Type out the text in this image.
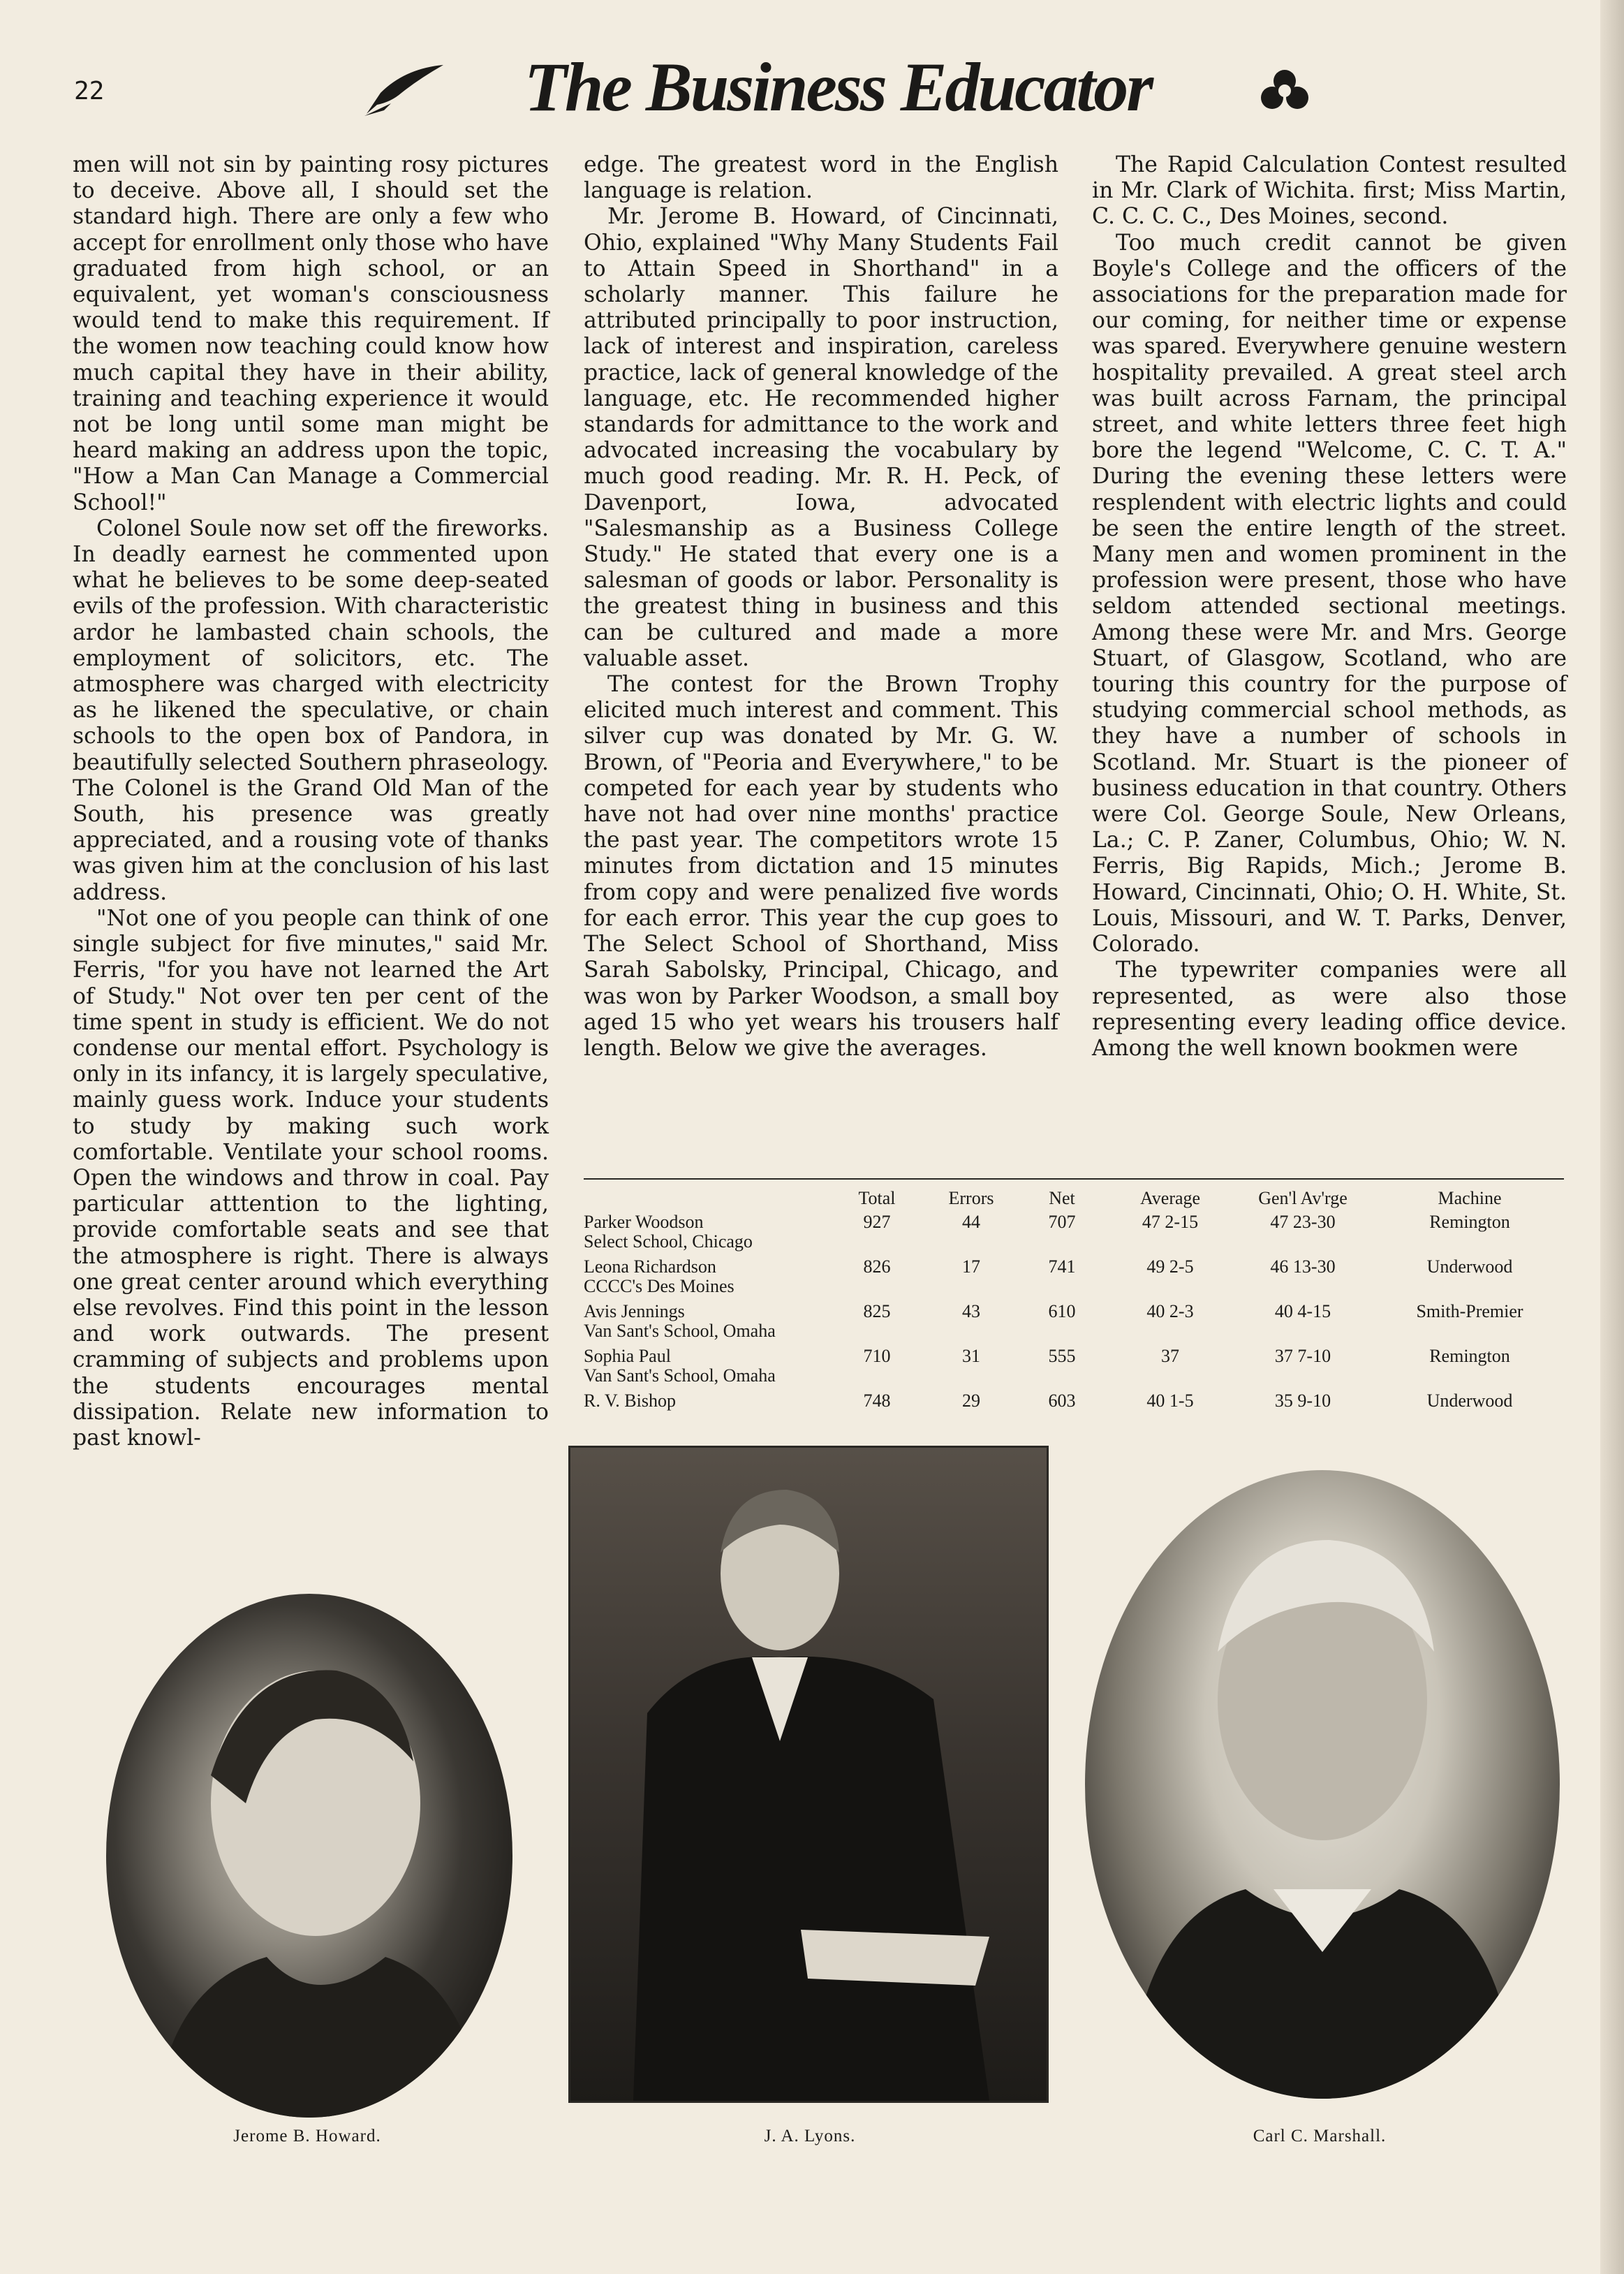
22	The Business Educator

men will not sin by painting rosy pictures to deceive. Above all, I should set the standard high. There are only a few who accept for enrollment only those who have graduated from high school, or an equivalent, yet woman's consciousness would tend to make this requirement. If the women now teaching could know how much capital they have in their ability, training and teaching experience it would not be long until some man might be heard making an address upon the topic, "How a Man Can Manage a Commercial School!"

Colonel Soule now set off the fireworks. In deadly earnest he commented upon what he believes to be some deep-seated evils of the profession. With characteristic ardor he lambasted chain schools, the employment of solicitors, etc. The atmosphere was charged with electricity as he likened the speculative, or chain schools to the open box of Pandora, in beautifully selected Southern phraseology. The Colonel is the Grand Old Man of the South, his presence was greatly appreciated, and a rousing vote of thanks was given him at the conclusion of his last address.

"Not one of you people can think of one single subject for five minutes," said Mr. Ferris, "for you have not learned the Art of Study." Not over ten per cent of the time spent in study is efficient. We do not condense our mental effort. Psychology is only in its infancy, it is largely speculative, mainly guess work. Induce your students to study by making such work comfortable. Ventilate your school rooms. Open the windows and throw in coal. Pay particular atttention to the lighting, provide comfortable seats and see that the atmosphere is right. There is always one great center around which everything else revolves. Find this point in the lesson and work outwards. The present cramming of subjects and problems upon the students encourages mental dissipation. Relate new information to past knowl-

edge. The greatest word in the English language is relation.

Mr. Jerome B. Howard, of Cincinnati, Ohio, explained "Why Many Students Fail to Attain Speed in Shorthand" in a scholarly manner. This failure he attributed principally to poor instruction, lack of interest and inspiration, careless practice, lack of general knowledge of the language, etc. He recommended higher standards for admittance to the work and advocated increasing the vocabulary by much good reading. Mr. R. H. Peck, of Davenport, Iowa, advocated "Salesmanship as a Business College Study." He stated that every one is a salesman of goods or labor. Personality is the greatest thing in business and this can be cultured and made a more valuable asset.

The contest for the Brown Trophy elicited much interest and comment. This silver cup was donated by Mr. G. W. Brown, of "Peoria and Everywhere," to be competed for each year by students who have not had over nine months' practice the past year. The competitors wrote 15 minutes from dictation and 15 minutes from copy and were penalized five words for each error. This year the cup goes to The Select School of Shorthand, Miss Sarah Sabolsky, Principal, Chicago, and was won by Parker Woodson, a small boy aged 15 who yet wears his trousers half length. Below we give the averages.

The Rapid Calculation Contest resulted in Mr. Clark of Wichita. first; Miss Martin, C. C. C. C., Des Moines, second.

Too much credit cannot be given Boyle's College and the officers of the associations for the preparation made for our coming, for neither time or expense was spared. Everywhere genuine western hospitality prevailed. A great steel arch was built across Farnam, the principal street, and white letters three feet high bore the legend "Welcome, C. C. T. A." During the evening these letters were resplendent with electric lights and could be seen the entire length of the street. Many men and women prominent in the profession were present, those who have seldom attended sectional meetings. Among these were Mr. and Mrs. George Stuart, of Glasgow, Scotland, who are touring this country for the purpose of studying commercial school methods, as they have a number of schools in Scotland. Mr. Stuart is the pioneer of business education in that country. Others were Col. George Soule, New Orleans, La.; C. P. Zaner, Columbus, Ohio; W. N. Ferris, Big Rapids, Mich.; Jerome B. Howard, Cincinnati, Ohio; O. H. White, St. Louis, Missouri, and W. T. Parks, Denver, Colorado.

The typewriter companies were all represented, as were also those representing every leading office device. Among the well known bookmen were

	Total	Errors	Net	Average	Gen'l Av'rge	Machine

Parker Woodson
Select School, Chicago	927	44	707	47 2-15	47 23-30	Remington

Leona Richardson
CCCC's Des Moines	826	17	741	49 2-5	46 13-30	Underwood

Avis Jennings
Van Sant's School, Omaha	825	43	610	40 2-3	40 4-15	Smith-Premier

Sophia Paul
Van Sant's School, Omaha	710	31	555	37	37 7-10	Remington

R. V. Bishop	748	29	603	40 1-5	35 9-10	Underwood
Jerome B. Howard.	J. A. Lyons.	Carl C. Marshall.
